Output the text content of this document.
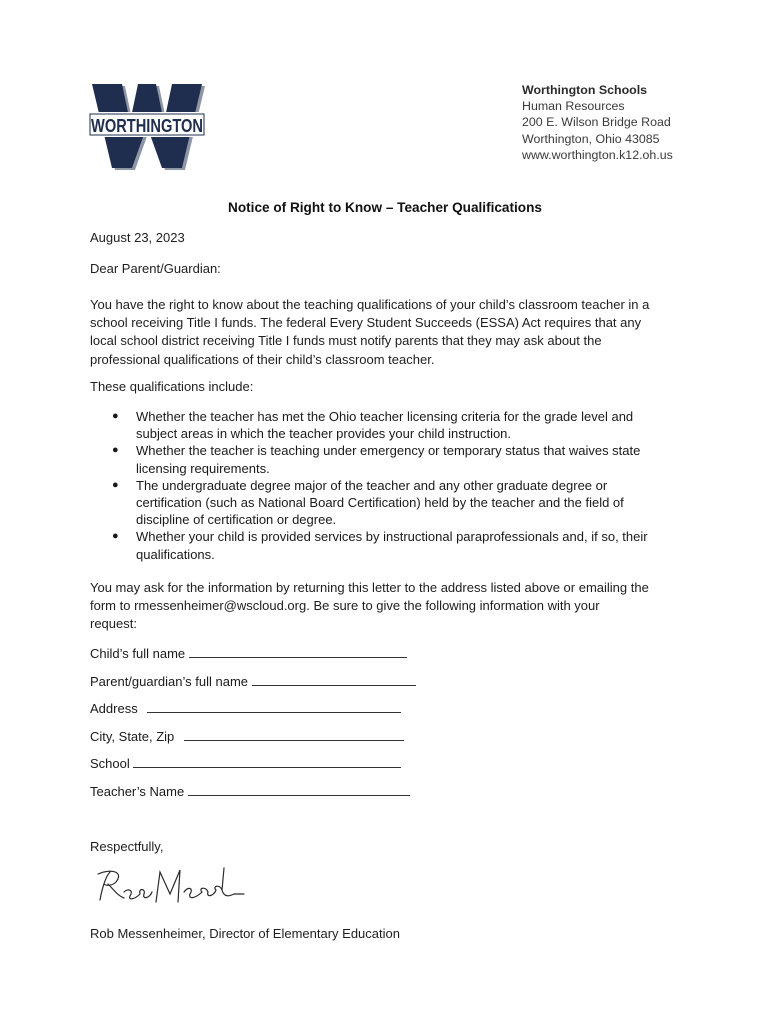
WORTHINGTON
Worthington Schools
Human Resources
200 E. Wilson Bridge Road
Worthington, Ohio 43085
www.worthington.k12.oh.us
Notice of Right to Know – Teacher Qualifications
August 23, 2023
Dear Parent/Guardian:
You have the right to know about the teaching qualifications of your child’s classroom teacher in a
school receiving Title I funds. The federal Every Student Succeeds (ESSA) Act requires that any
local school district receiving Title I funds must notify parents that they may ask about the
professional qualifications of their child’s classroom teacher.
These qualifications include:
● Whether the teacher has met the Ohio teacher licensing criteria for the grade level and
subject areas in which the teacher provides your child instruction.
● Whether the teacher is teaching under emergency or temporary status that waives state
licensing requirements.
● The undergraduate degree major of the teacher and any other graduate degree or
certification (such as National Board Certification) held by the teacher and the field of
discipline of certification or degree.
● Whether your child is provided services by instructional paraprofessionals and, if so, their
qualifications.
You may ask for the information by returning this letter to the address listed above or emailing the
form to rmessenheimer@wscloud.org. Be sure to give the following information with your
request:
Child’s full name
Parent/guardian’s full name
Address
City, State, Zip
School
Teacher’s Name
Respectfully,
Rob Messenheimer, Director of Elementary Education
